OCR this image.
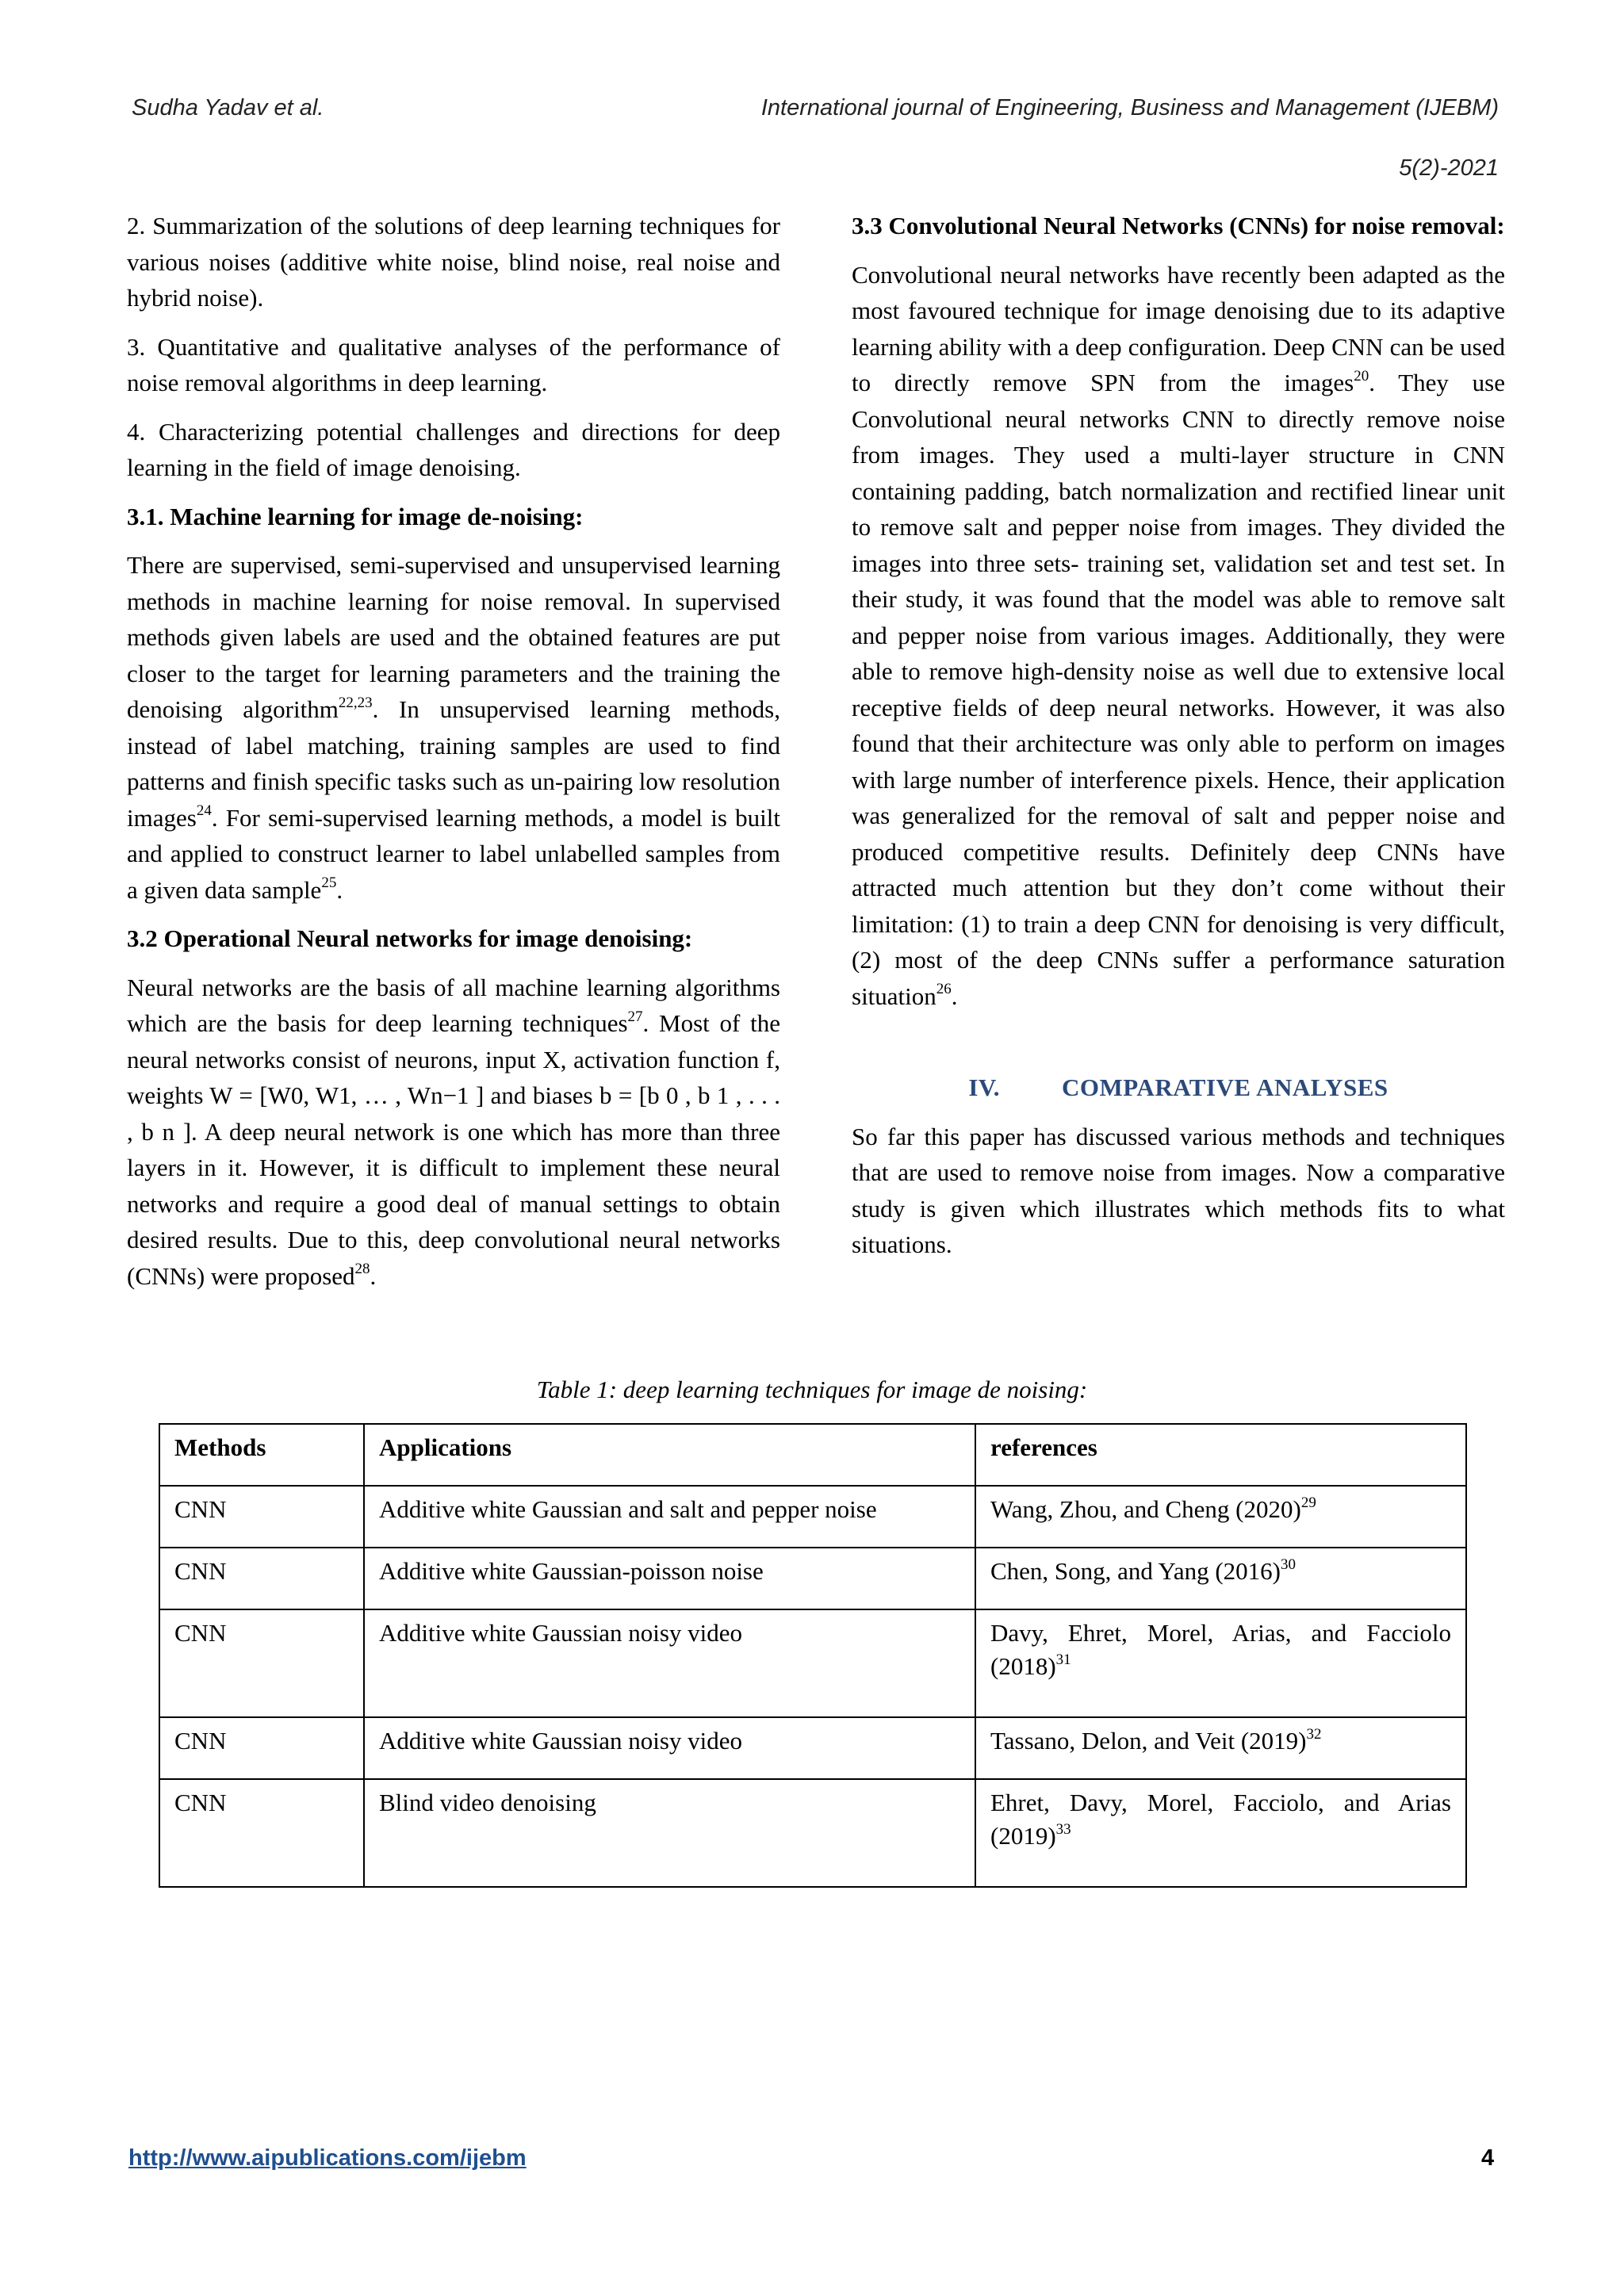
Sudha Yadav et al.	International journal of Engineering, Business and Management (IJEBM)
5(2)-2021

2. Summarization of the solutions of deep learning techniques for various noises (additive white noise, blind noise, real noise and hybrid noise).

3. Quantitative and qualitative analyses of the performance of noise removal algorithms in deep learning.

4. Characterizing potential challenges and directions for deep learning in the field of image denoising.

3.1. Machine learning for image de-noising:

There are supervised, semi-supervised and unsupervised learning methods in machine learning for noise removal. In supervised methods given labels are used and the obtained features are put closer to the target for learning parameters and the training the denoising algorithm$^{22,23}$. In unsupervised learning methods, instead of label matching, training samples are used to find patterns and finish specific tasks such as un-pairing low resolution images$^{24}$. For semi-supervised learning methods, a model is built and applied to construct learner to label unlabelled samples from a given data sample$^{25}$.

3.2 Operational Neural networks for image denoising:

Neural networks are the basis of all machine learning algorithms which are the basis for deep learning techniques$^{27}$. Most of the neural networks consist of neurons, input X, activation function f, weights W = [W0, W1, … , Wn−1 ] and biases b = [b 0 , b 1 , . . . , b n ]. A deep neural network is one which has more than three layers in it. However, it is difficult to implement these neural networks and require a good deal of manual settings to obtain desired results. Due to this, deep convolutional neural networks (CNNs) were proposed$^{28}$.

3.3 Convolutional Neural Networks (CNNs) for noise removal:

Convolutional neural networks have recently been adapted as the most favoured technique for image denoising due to its adaptive learning ability with a deep configuration. Deep CNN can be used to directly remove SPN from the images$^{20}$. They use Convolutional neural networks CNN to directly remove noise from images. They used a multi-layer structure in CNN containing padding, batch normalization and rectified linear unit to remove salt and pepper noise from images. They divided the images into three sets- training set, validation set and test set. In their study, it was found that the model was able to remove salt and pepper noise from various images. Additionally, they were able to remove high-density noise as well due to extensive local receptive fields of deep neural networks. However, it was also found that their architecture was only able to perform on images with large number of interference pixels. Hence, their application was generalized for the removal of salt and pepper noise and produced competitive results. Definitely deep CNNs have attracted much attention but they don’t come without their limitation: (1) to train a deep CNN for denoising is very difficult, (2) most of the deep CNNs suffer a performance saturation situation$^{26}$.

IV.	COMPARATIVE ANALYSES

So far this paper has discussed various methods and techniques that are used to remove noise from images. Now a comparative study is given which illustrates which methods fits to what situations.

Table 1: deep learning techniques for image de noising:
Methods	Applications	references
CNN	Additive white Gaussian and salt and pepper noise	Wang, Zhou, and Cheng $(2020)^{29}$
CNN	Additive white Gaussian-poisson noise	Chen, Song, and Yang $(2016)^{30}$
CNN	Additive white Gaussian noisy video	Davy, Ehret, Morel, Arias, and Facciolo $(2018)^{31}$
CNN	Additive white Gaussian noisy video	Tassano, Delon, and Veit $(2019)^{32}$
CNN	Blind video denoising	Ehret, Davy, Morel, Facciolo, and Arias $(2019)^{33}$
http://www.aipublications.com/ijebm	4
